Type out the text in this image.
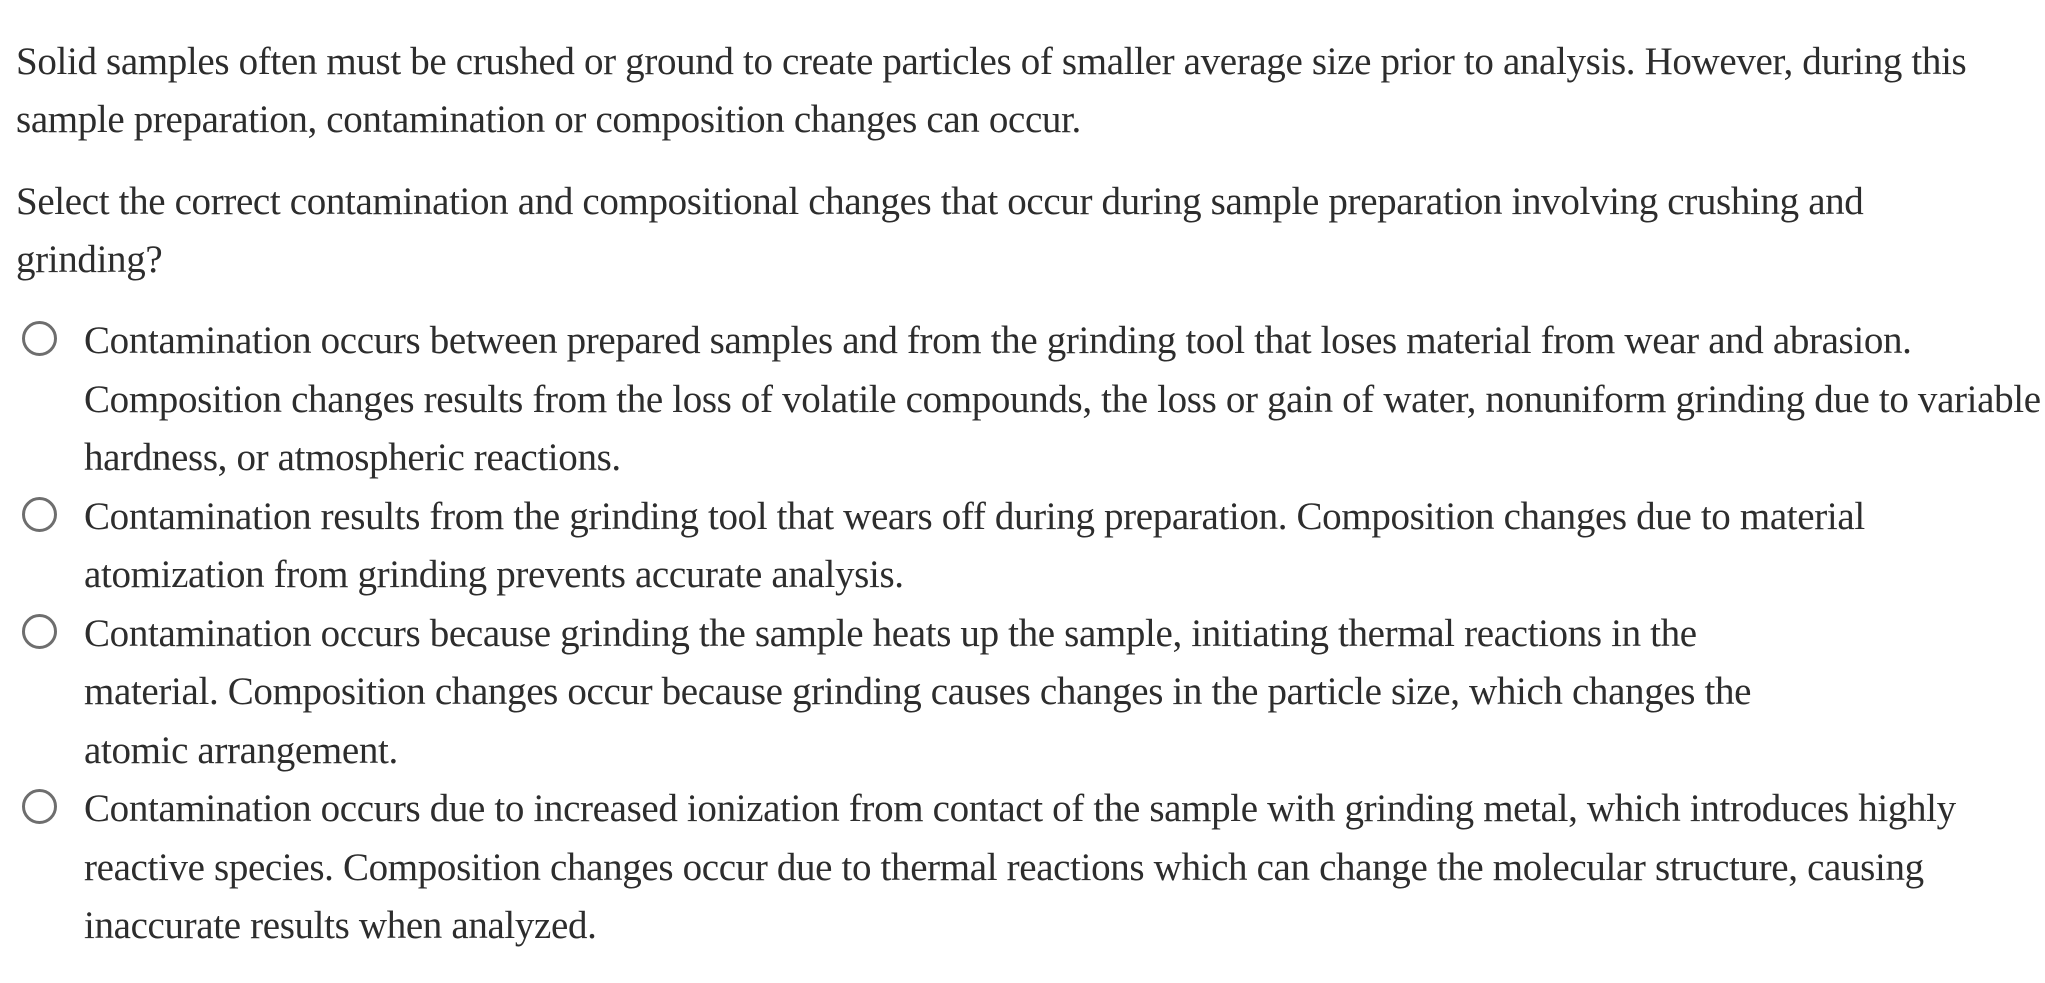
Solid samples often must be crushed or ground to create particles of smaller average size prior to analysis. However, during this sample preparation, contamination or composition changes can occur.

Select the correct contamination and compositional changes that occur during sample preparation involving crushing and grinding?

Contamination occurs between prepared samples and from the grinding tool that loses material from wear and abrasion. Composition changes results from the loss of volatile compounds, the loss or gain of water, nonuniform grinding due to variable hardness, or atmospheric reactions.
Contamination results from the grinding tool that wears off during preparation. Composition changes due to material atomization from grinding prevents accurate analysis.
Contamination occurs because grinding the sample heats up the sample, initiating thermal reactions in the material. Composition changes occur because grinding causes changes in the particle size, which changes the atomic arrangement.
Contamination occurs due to increased ionization from contact of the sample with grinding metal, which introduces highly reactive species. Composition changes occur due to thermal reactions which can change the molecular structure, causing inaccurate results when analyzed.
